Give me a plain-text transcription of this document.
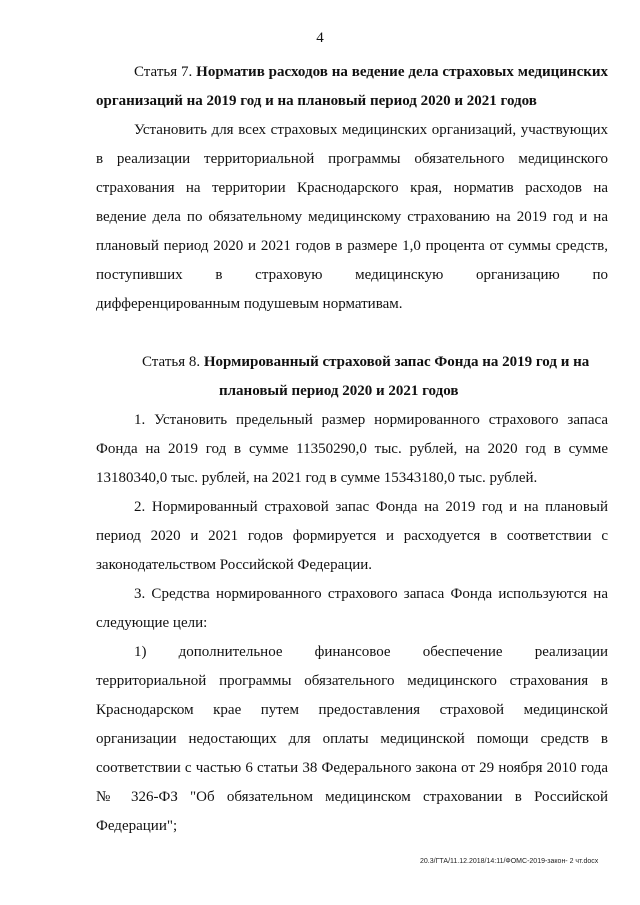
4
Статья 7. Норматив расходов на ведение дела страховых медицинских организаций на 2019 год и на плановый период 2020 и 2021 годов

Установить для всех страховых медицинских организаций, участвующих в реализации территориальной программы обязательного медицинского страхования на территории Краснодарского края, норматив расходов на ведение дела по обязательному медицинскому страхованию на 2019 год и на плановый период 2020 и 2021 годов в размере 1,0 процента от суммы средств, поступивших в страховую медицинскую организацию по дифференцированным подушевым нормативам.

Статья 8. Нормированный страховой запас Фонда на 2019 год и на
плановый период 2020 и 2021 годов

1. Установить предельный размер нормированного страхового запаса Фонда на 2019 год в сумме 11350290,0 тыс. рублей, на 2020 год в сумме 13180340,0 тыс. рублей, на 2021 год в сумме 15343180,0 тыс. рублей.

2. Нормированный страховой запас Фонда на 2019 год и на плановый период 2020 и 2021 годов формируется и расходуется в соответствии с законодательством Российской Федерации.

3. Средства нормированного страхового запаса Фонда используются на следующие цели:

1) дополнительное финансовое обеспечение реализации территориальной программы обязательного медицинского страхования в Краснодарском крае путем предоставления страховой медицинской организации недостающих для оплаты медицинской помощи средств в соответствии с частью 6 статьи 38 Федерального закона от 29 ноября 2010 года № 326-ФЗ "Об обязательном медицинском страховании в Российской Федерации";

20.3/ГТА/11.12.2018/14:11/ФОМС-2019-закон- 2 чт.docx
